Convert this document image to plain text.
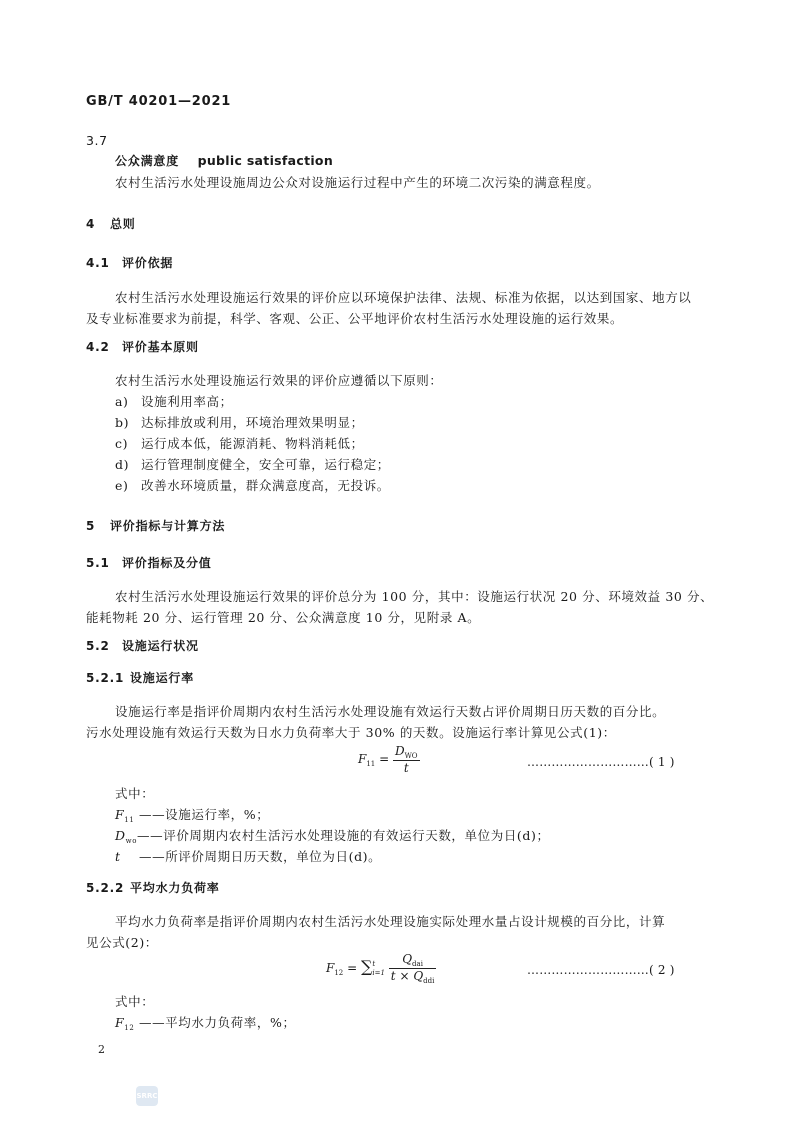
GB/T 40201—2021
3.7
公众满意度 public satisfaction
农村生活污水处理设施周边公众对设施运行过程中产生的环境二次污染的满意程度。
4 总则
4.1 评价依据
农村生活污水处理设施运行效果的评价应以环境保护法律、法规、标准为依据，以达到国家、地方以
及专业标准要求为前提，科学、客观、公正、公平地评价农村生活污水处理设施的运行效果。
4.2 评价基本原则
农村生活污水处理设施运行效果的评价应遵循以下原则：
a) 设施利用率高；
b) 达标排放或利用，环境治理效果明显；
c) 运行成本低，能源消耗、物料消耗低；
d) 运行管理制度健全，安全可靠，运行稳定；
e) 改善水环境质量，群众满意度高，无投诉。
5 评价指标与计算方法
5.1 评价指标及分值
农村生活污水处理设施运行效果的评价总分为 100 分，其中：设施运行状况 20 分、环境效益 30 分、
能耗物耗 20 分、运行管理 20 分、公众满意度 10 分，见附录 A。
5.2 设施运行状况
5.2.1 设施运行率
设施运行率是指评价周期内农村生活污水处理设施有效运行天数占评价周期日历天数的百分比。
污水处理设施有效运行天数为日水力负荷率大于 30% 的天数。设施运行率计算见公式(1)：
$F_{11} = \frac{D_{WO}}{t}$	…………………………( 1 )
式中：
$F_{11}$ ——设施运行率，%；
$D_{wo}——$评价周期内农村生活污水处理设施的有效运行天数，单位为日(d)；
t ——所评价周期日历天数，单位为日(d)。
5.2.2 平均水力负荷率
平均水力负荷率是指评价周期内农村生活污水处理设施实际处理水量占设计规模的百分比，计算
见公式(2)：
$F_{12}$ = ∑ t
i=1
$\frac{Q_{dai}}{t \times Q_{ddi}}$	…………………………( 2 )
式中：
$F_{12}$ ——平均水力负荷率，%；
2
SRRC
